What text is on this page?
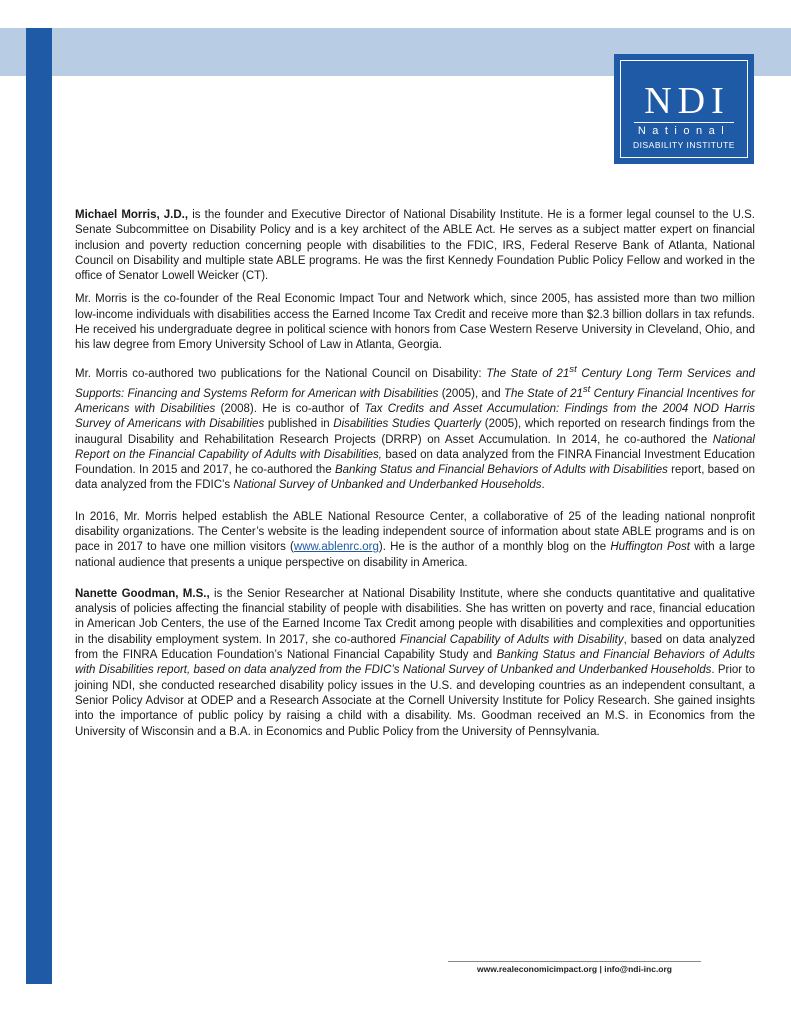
NDI
National
DISABILITY INSTITUTE

Michael Morris, J.D., is the founder and Executive Director of National Disability Institute. He is a former legal counsel to the U.S. Senate Subcommittee on Disability Policy and is a key architect of the ABLE Act. He serves as a subject matter expert on financial inclusion and poverty reduction concerning people with disabilities to the FDIC, IRS, Federal Reserve Bank of Atlanta, National Council on Disability and multiple state ABLE programs. He was the first Kennedy Foundation Public Policy Fellow and worked in the office of Senator Lowell Weicker (CT).

Mr. Morris is the co-founder of the Real Economic Impact Tour and Network which, since 2005, has assisted more than two million low-income individuals with disabilities access the Earned Income Tax Credit and receive more than $2.3 billion dollars in tax refunds. He received his undergraduate degree in political science with honors from Case Western Reserve University in Cleveland, Ohio, and his law degree from Emory University School of Law in Atlanta, Georgia.

Mr. Morris co-authored two publications for the National Council on Disability: The State of 21st Century Long Term Services and Supports: Financing and Systems Reform for American with Disabilities (2005), and The State of 21st Century Financial Incentives for Americans with Disabilities (2008). He is co-author of Tax Credits and Asset Accumulation: Findings from the 2004 NOD Harris Survey of Americans with Disabilities published in Disabilities Studies Quarterly (2005), which reported on research findings from the inaugural Disability and Rehabilitation Research Projects (DRRP) on Asset Accumulation. In 2014, he co-authored the National Report on the Financial Capability of Adults with Disabilities, based on data analyzed from the FINRA Financial Investment Education Foundation. In 2015 and 2017, he co-authored the Banking Status and Financial Behaviors of Adults with Disabilities report, based on data analyzed from the FDIC’s National Survey of Unbanked and Underbanked Households.

In 2016, Mr. Morris helped establish the ABLE National Resource Center, a collaborative of 25 of the leading national nonprofit disability organizations. The Center’s website is the leading independent source of information about state ABLE programs and is on pace in 2017 to have one million visitors (www.ablenrc.org). He is the author of a monthly blog on the Huffington Post with a large national audience that presents a unique perspective on disability in America.

Nanette Goodman, M.S., is the Senior Researcher at National Disability Institute, where she conducts quantitative and qualitative analysis of policies affecting the financial stability of people with disabilities. She has written on poverty and race, financial education in American Job Centers, the use of the Earned Income Tax Credit among people with disabilities and complexities and opportunities in the disability employment system. In 2017, she co-authored Financial Capability of Adults with Disability, based on data analyzed from the FINRA Education Foundation’s National Financial Capability Study and Banking Status and Financial Behaviors of Adults with Disabilities report, based on data analyzed from the FDIC’s National Survey of Unbanked and Underbanked Households. Prior to joining NDI, she conducted researched disability policy issues in the U.S. and developing countries as an independent consultant, a Senior Policy Advisor at ODEP and a Research Associate at the Cornell University Institute for Policy Research. She gained insights into the importance of public policy by raising a child with a disability. Ms. Goodman received an M.S. in Economics from the University of Wisconsin and a B.A. in Economics and Public Policy from the University of Pennsylvania.

www.realeconomicimpact.org | info@ndi-inc.org
